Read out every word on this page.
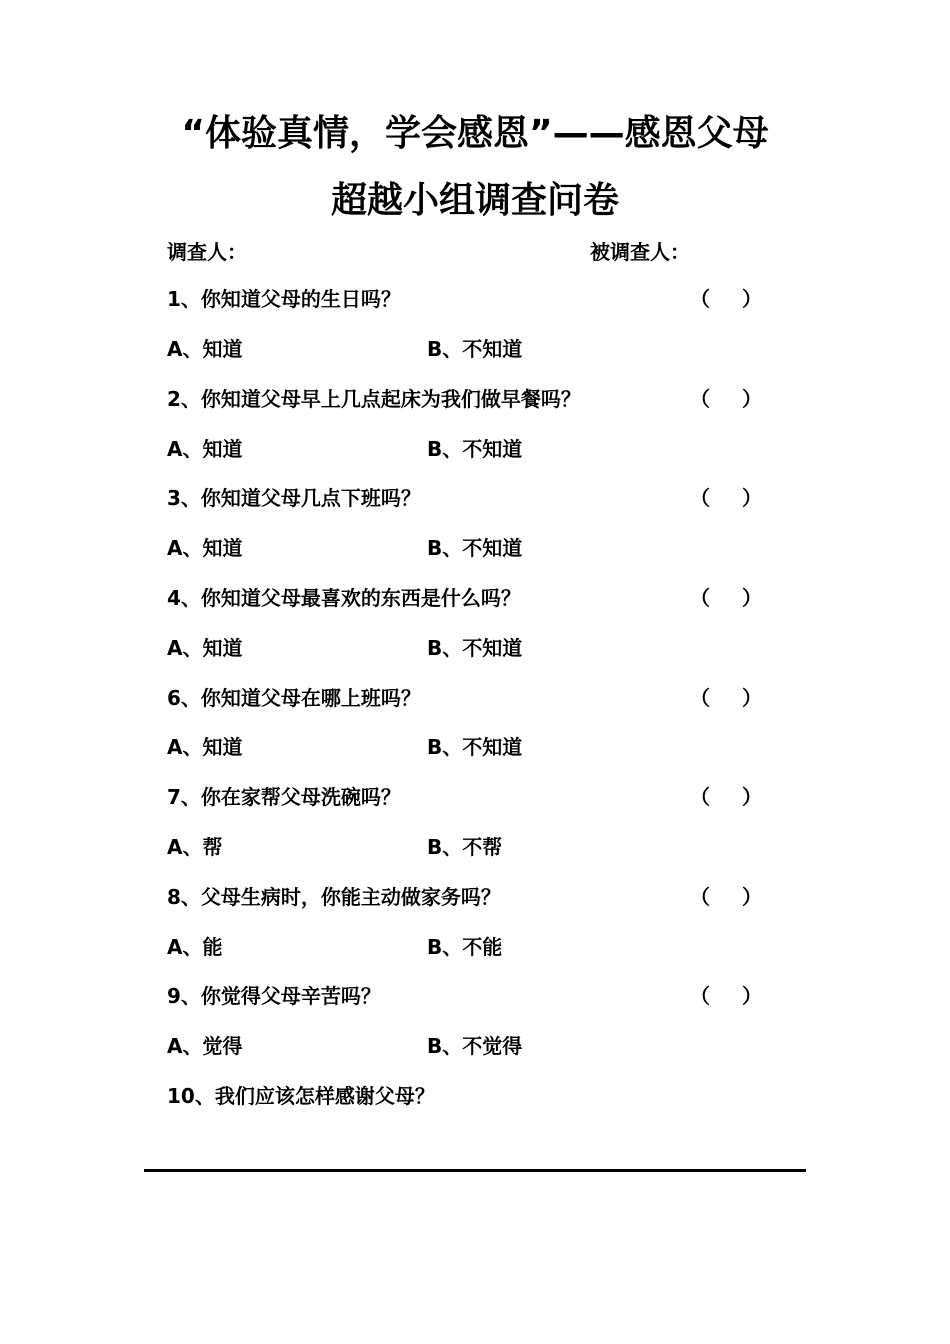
“体验真情，学会感恩”——感恩父母
超越小组调查问卷
调查人：	被调查人：
1、你知道父母的生日吗？	（ ）
A、知道	B、不知道
2、你知道父母早上几点起床为我们做早餐吗？	（ ）
A、知道	B、不知道
3、你知道父母几点下班吗？	（ ）
A、知道	B、不知道
4、你知道父母最喜欢的东西是什么吗？	（ ）
A、知道	B、不知道
6、你知道父母在哪上班吗？	（ ）
A、知道	B、不知道
7、你在家帮父母洗碗吗？	（ ）
A、帮	B、不帮
8、父母生病时，你能主动做家务吗？	（ ）
A、能	B、不能
9、你觉得父母辛苦吗？	（ ）
A、觉得	B、不觉得
10、我们应该怎样感谢父母？
